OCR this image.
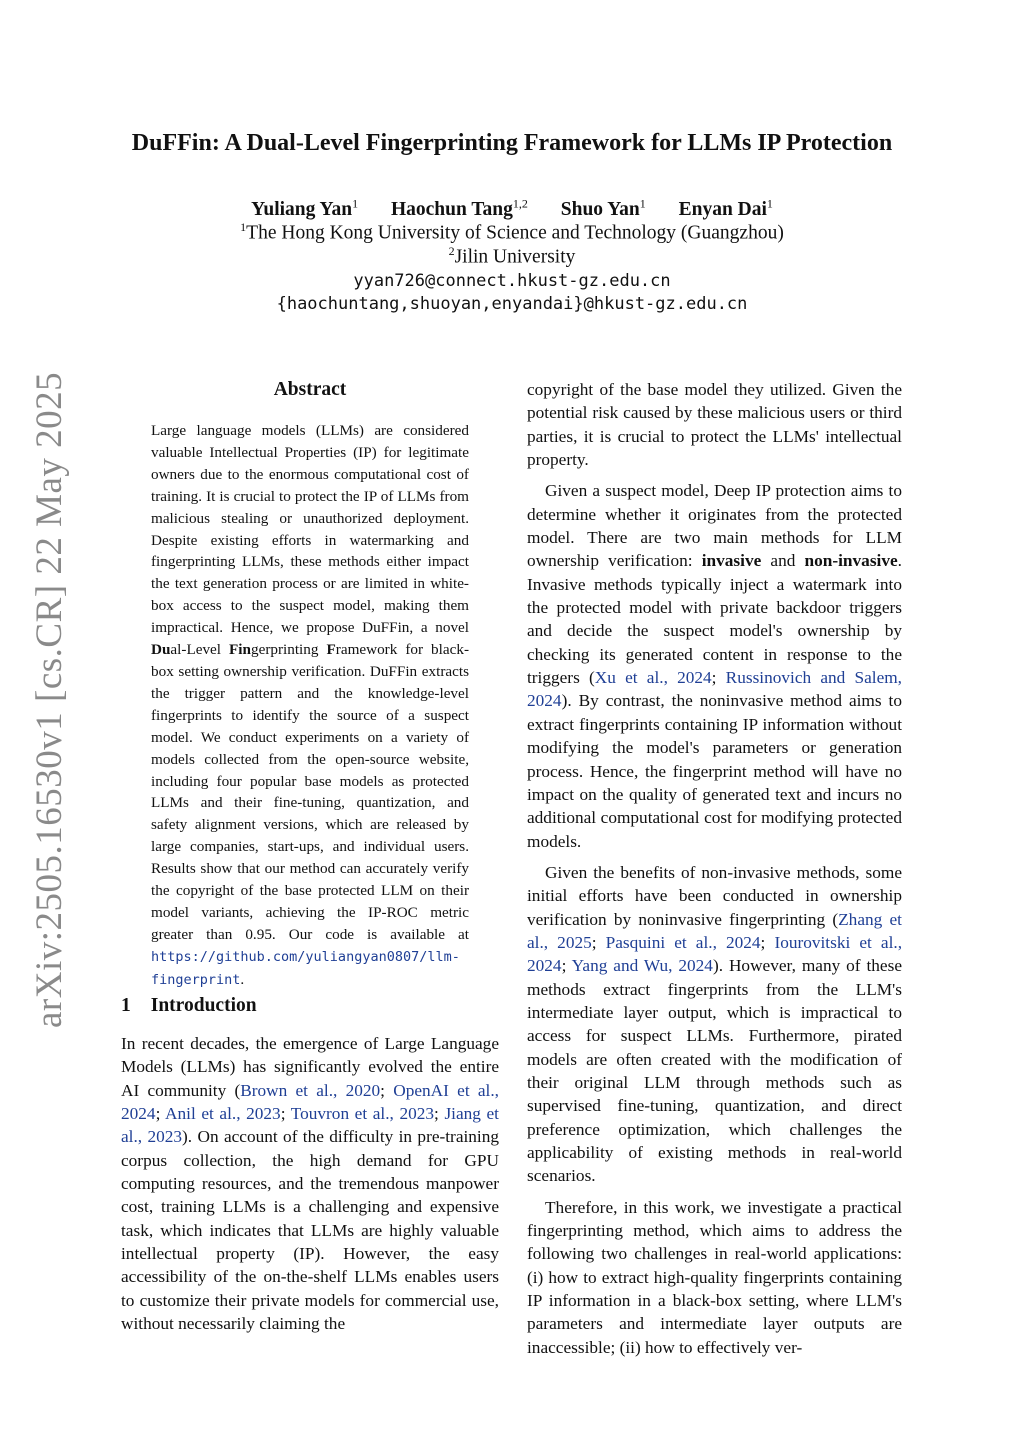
arXiv:2505.16530v1 [cs.CR] 22 May 2025
DuFFin: A Dual-Level Fingerprinting Framework for LLMs IP Protection
Yuliang Yan$^1$ Haochun Tang$^{1,2}$ Shuo Yan$^1$ Enyan Dai$^1$
$^1$The Hong Kong University of Science and Technology (Guangzhou)
$^2$Jilin University
yyan726@connect.hkust-gz.edu.cn
{haochuntang,shuoyan,enyandai}@hkust-gz.edu.cn
Abstract
Large language models (LLMs) are considered valuable Intellectual Properties (IP) for legitimate owners due to the enormous computational cost of training. It is crucial to protect the IP of LLMs from malicious stealing or unauthorized deployment. Despite existing efforts in watermarking and fingerprinting LLMs, these methods either impact the text generation process or are limited in white-box access to the suspect model, making them impractical. Hence, we propose DuFFin, a novel Dual-Level Fingerprinting Framework for black-box setting ownership verification. DuFFin extracts the trigger pattern and the knowledge-level fingerprints to identify the source of a suspect model. We conduct experiments on a variety of models collected from the open-source website, including four popular base models as protected LLMs and their fine-tuning, quantization, and safety alignment versions, which are released by large companies, start-ups, and individual users. Results show that our method can accurately verify the copyright of the base protected LLM on their model variants, achieving the IP-ROC metric greater than 0.95. Our code is available at https://github.com/yuliangyan0807/llm-fingerprint.
1 Introduction
In recent decades, the emergence of Large Language Models (LLMs) has significantly evolved the entire AI community (Brown et al., 2020; OpenAI et al., 2024; Anil et al., 2023; Touvron et al., 2023; Jiang et al., 2023). On account of the difficulty in pre-training corpus collection, the high demand for GPU computing resources, and the tremendous manpower cost, training LLMs is a challenging and expensive task, which indicates that LLMs are highly valuable intellectual property (IP). However, the easy accessibility of the on-the-shelf LLMs enables users to customize their private models for commercial use, without necessarily claiming the

copyright of the base model they utilized. Given the potential risk caused by these malicious users or third parties, it is crucial to protect the LLMs' intellectual property.

Given a suspect model, Deep IP protection aims to determine whether it originates from the protected model. There are two main methods for LLM ownership verification: invasive and non-invasive. Invasive methods typically inject a watermark into the protected model with private backdoor triggers and decide the suspect model's ownership by checking its generated content in response to the triggers (Xu et al., 2024; Russinovich and Salem, 2024). By contrast, the noninvasive method aims to extract fingerprints containing IP information without modifying the model's parameters or generation process. Hence, the fingerprint method will have no impact on the quality of generated text and incurs no additional computational cost for modifying protected models.

Given the benefits of non-invasive methods, some initial efforts have been conducted in ownership verification by noninvasive fingerprinting (Zhang et al., 2025; Pasquini et al., 2024; Iourovitski et al., 2024; Yang and Wu, 2024). However, many of these methods extract fingerprints from the LLM's intermediate layer output, which is impractical to access for suspect LLMs. Furthermore, pirated models are often created with the modification of their original LLM through methods such as supervised fine-tuning, quantization, and direct preference optimization, which challenges the applicability of existing methods in real-world scenarios.

Therefore, in this work, we investigate a practical fingerprinting method, which aims to address the following two challenges in real-world applications: (i) how to extract high-quality fingerprints containing IP information in a black-box setting, where LLM's parameters and intermediate layer outputs are inaccessible; (ii) how to effectively ver-
